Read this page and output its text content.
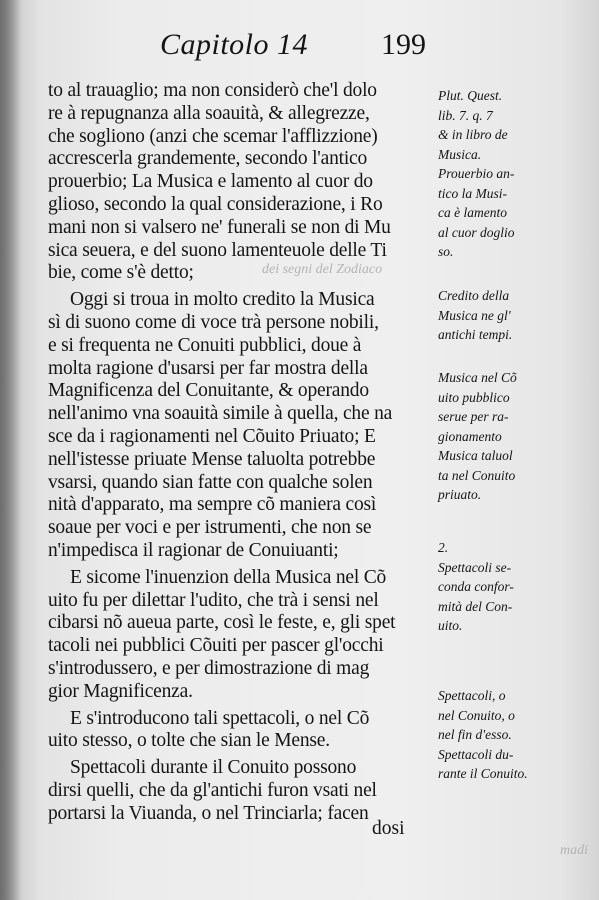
Capitolo 14 199
dei segni del Zodiaco
madi
to al trauaglio; ma non considerò che'l dolo
re à repugnanza alla soauità, & allegrezze,
che sogliono (anzi che scemar l'afflizzione)
accrescerla grandemente, secondo l'antico
prouerbio; La Musica e lamento al cuor do
glioso, secondo la qual considerazione, i Ro
mani non si valsero ne' funerali se non di Mu
sica seuera, e del suono lamenteuole delle Ti
bie, come s'è detto;
Oggi si troua in molto credito la Musica
sì di suono come di voce trà persone nobili,
e si frequenta ne Conuiti pubblici, doue à
molta ragione d'usarsi per far mostra della
Magnificenza del Conuitante, & operando
nell'animo vna soauità simile à quella, che na
sce da i ragionamenti nel Cõuito Priuato; E
nell'istesse priuate Mense taluolta potrebbe
vsarsi, quando sian fatte con qualche solen
nità d'apparato, ma sempre cõ maniera così
soaue per voci e per istrumenti, che non se
n'impedisca il ragionar de Conuiuanti;
E sicome l'inuenzion della Musica nel Cõ
uito fu per dilettar l'udito, che trà i sensi nel
cibarsi nõ aueua parte, così le feste, e, gli spet
tacoli nei pubblici Cõuiti per pascer gl'occhi
s'introdussero, e per dimostrazione di mag
gior Magnificenza.
E s'introducono tali spettacoli, o nel Cõ
uito stesso, o tolte che sian le Mense.
Spettacoli durante il Conuito possono
dirsi quelli, che da gl'antichi furon vsati nel
portarsi la Viuanda, o nel Trinciarla; facen
Plut. Quest.
lib. 7. q. 7
& in libro de
Musica.
Prouerbio an-
tico la Musi-
ca è lamento
al cuor doglio
so.
Credito della
Musica ne gl'
antichi tempi.
Musica nel Cõ
uito pubblico
serue per ra-
gionamento
Musica taluol
ta nel Conuito
priuato.
2.
Spettacoli se-
conda confor-
mità del Con-
uito.
Spettacoli, o
nel Conuito, o
nel fin d'esso.
Spettacoli du-
rante il Conuito.
dosi
